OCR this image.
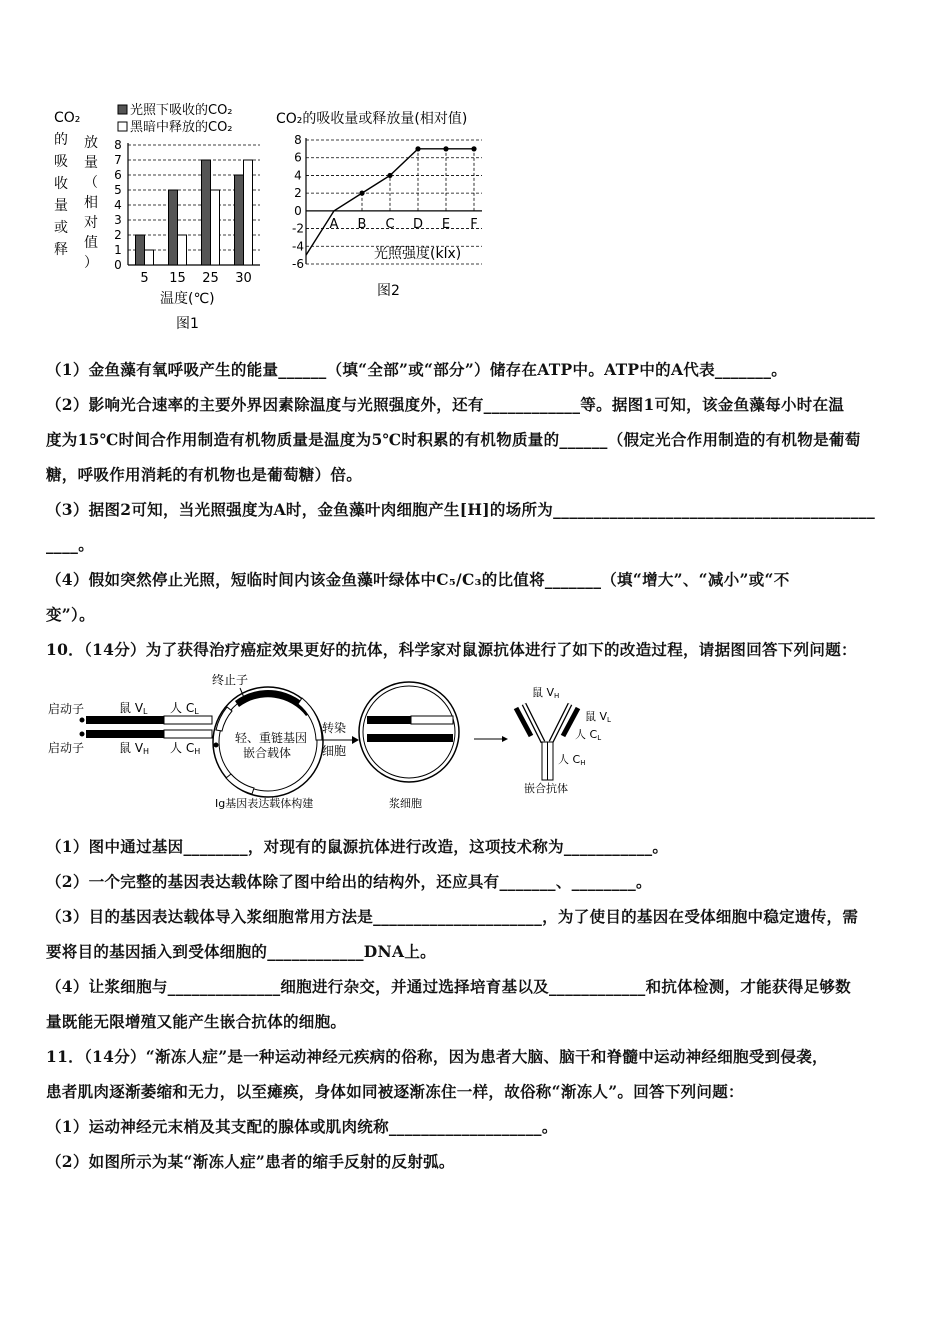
CO₂
的
吸
收
量
或
释
放
量
（
相
对
值
） 0
1
2
3
4
5
6
7
8
5 15 25 30
光照下吸收的CO₂
黑暗中释放的CO₂
温度(℃)
图1
CO₂的吸收量或释放量(相对值)
8
6
4
2
0
-2
-4
-6
A B C D E F
光照强度(klx)
图2
（1）金鱼藻有氧呼吸产生的能量______（填“全部”或“部分”）储存在ATP中。ATP中的A代表_______。
（2）影响光合速率的主要外界因素除温度与光照强度外，还有____________等。据图1可知，该金鱼藻每小时在温
度为15℃时间合作用制造有机物质量是温度为5℃时积累的有机物质量的______（假定光合作用制造的有机物是葡萄
糖，呼吸作用消耗的有机物也是葡萄糖）倍。
（3）据图2可知，当光照强度为A时，金鱼藻叶肉细胞产生[H]的场所为________________________________________
____。
（4）假如突然停止光照，短临时间内该金鱼藻叶绿体中C₅/C₃的比值将_______（填“增大”、“减小”或“不
变”）。
10．（14分）为了获得治疗癌症效果更好的抗体，科学家对鼠源抗体进行了如下的改造过程，请据图回答下列问题：
启动子	鼠 VL 人 CL
启动子	鼠 VH 人 CH
终止子
轻、重链基因
嵌合载体
Ig基因表达载体构建
转染
细胞
浆细胞
鼠 VH
鼠 VL
人 CL
人 CH
嵌合抗体
（1）图中通过基因________，对现有的鼠源抗体进行改造，这项技术称为___________。
（2）一个完整的基因表达载体除了图中给出的结构外，还应具有_______、________。
（3）目的基因表达载体导入浆细胞常用方法是_____________________，为了使目的基因在受体细胞中稳定遗传，需
要将目的基因插入到受体细胞的____________DNA上。
（4）让浆细胞与______________细胞进行杂交，并通过选择培育基以及____________和抗体检测，才能获得足够数
量既能无限增殖又能产生嵌合抗体的细胞。
11．（14分）“渐冻人症”是一种运动神经元疾病的俗称，因为患者大脑、脑干和脊髓中运动神经细胞受到侵袭，
患者肌肉逐渐萎缩和无力，以至瘫痪，身体如同被逐渐冻住一样，故俗称“渐冻人”。回答下列问题：
（1）运动神经元末梢及其支配的腺体或肌肉统称___________________。
（2）如图所示为某“渐冻人症”患者的缩手反射的反射弧。
